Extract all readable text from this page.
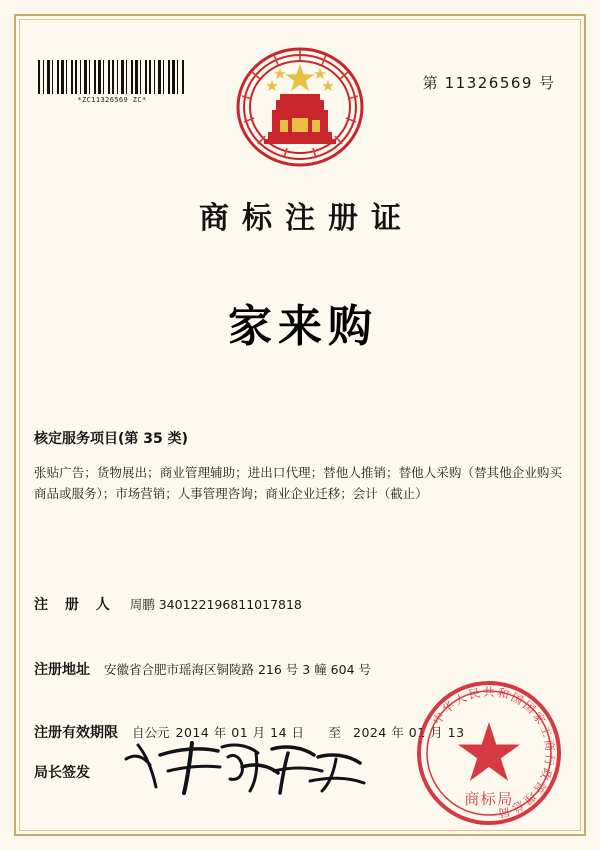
*ZC11326569 ZC*
第 11326569 号
商标注册证
家来购
核定服务项目(第 35 类)
张贴广告；货物展出；商业管理辅助；进出口代理；替他人推销；替他人采购（替其他企业购买商品或服务）；市场营销；人事管理咨询；商业企业迁移；会计（截止）
注 册 人 周鹏 340122196811017818
注册地址 安徽省合肥市瑶海区铜陵路 216 号 3 幢 604 号
注册有效期限 自公元 2014 年 01 月 14 日 至 2024 年 01 月 13
局长签发
中华人民共和国国家工商行政管理总局
商标局
